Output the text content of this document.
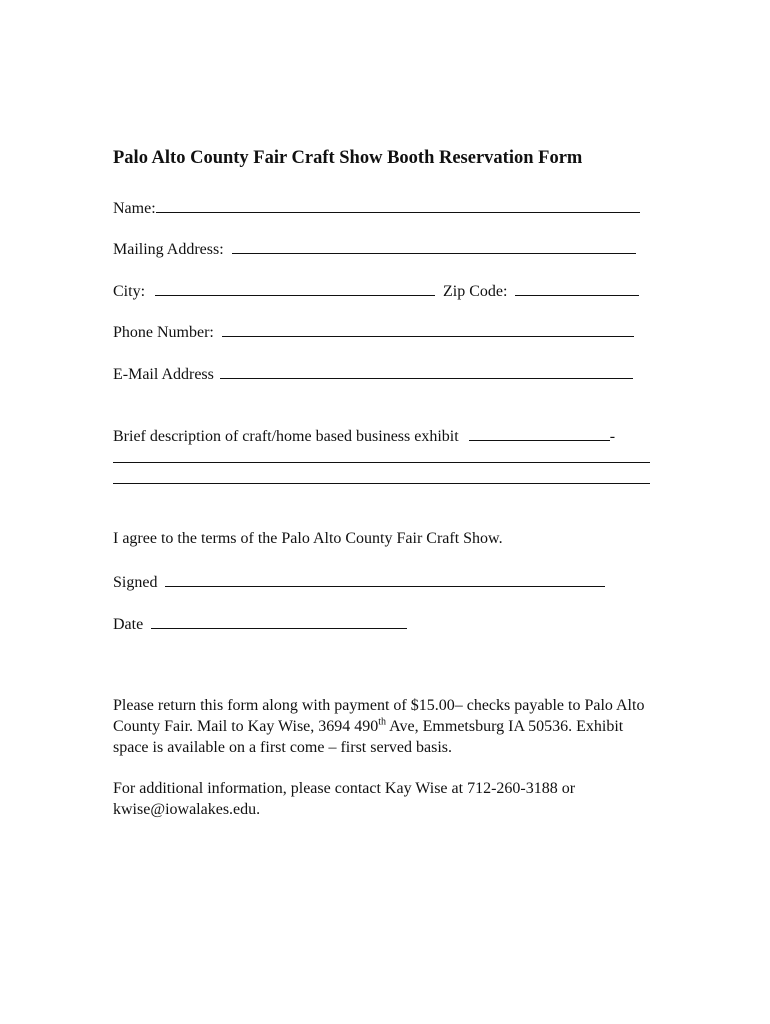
Palo Alto County Fair Craft Show Booth Reservation Form
Name:
Mailing Address:
City:	Zip Code:
Phone Number:
E-Mail Address
Brief description of craft/home based business exhibit	-
I agree to the terms of the Palo Alto County Fair Craft Show.
Signed
Date
Please return this form along with payment of $15.00– checks payable to Palo Alto County Fair. Mail to Kay Wise, 3694 490th Ave, Emmetsburg IA 50536. Exhibit space is available on a first come – first served basis.
For additional information, please contact Kay Wise at 712-260-3188 or kwise@iowalakes.edu.
